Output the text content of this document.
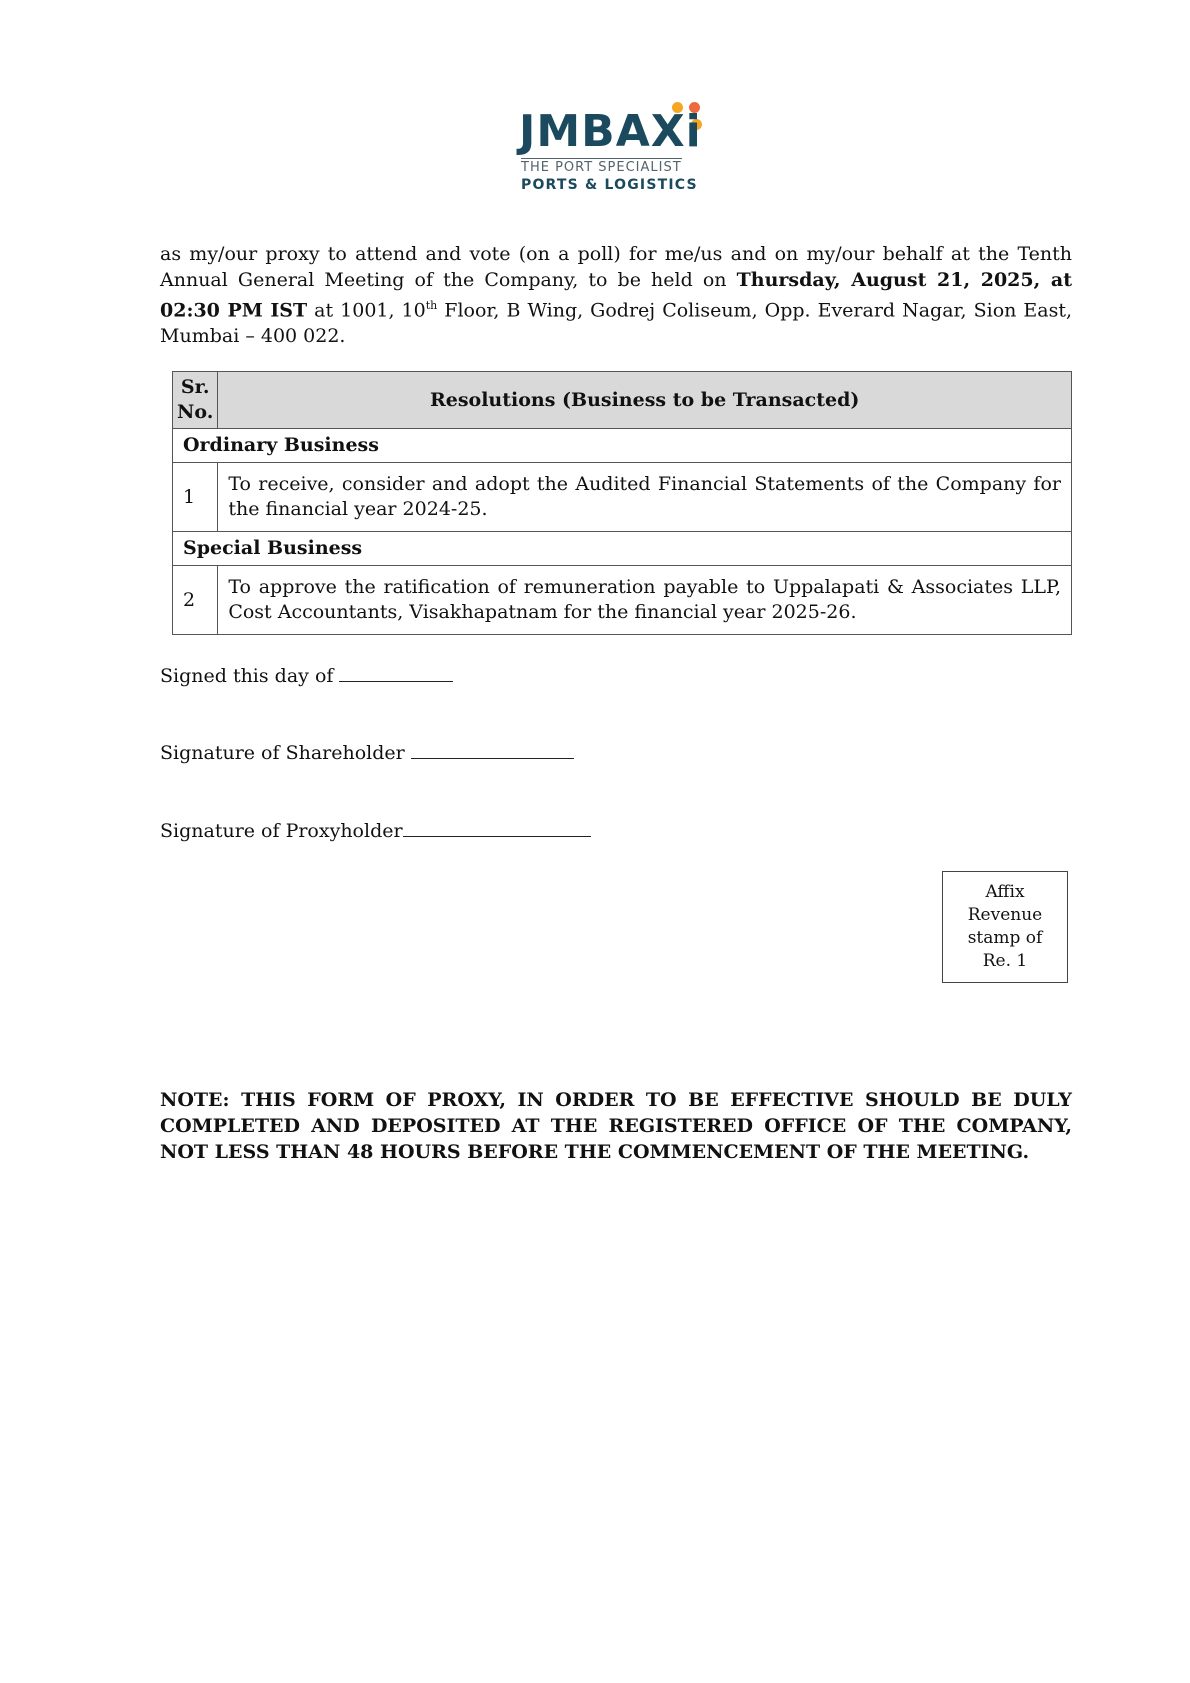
JMBAXi
THE PORT SPECIALIST
PORTS & LOGISTICS

as my/our proxy to attend and vote (on a poll) for me/us and on my/our behalf at the Tenth Annual General Meeting of the Company, to be held on Thursday, August 21, 2025, at 02:30 PM IST at 1001, 10th Floor, B Wing, Godrej Coliseum, Opp. Everard Nagar, Sion East, Mumbai – 400 022.

Sr. No.	Resolutions (Business to be Transacted)
Ordinary Business	
1	To receive, consider and adopt the Audited Financial Statements of the Company for the financial year 2024-25.
Special Business	
2	To approve the ratification of remuneration payable to Uppalapati & Associates LLP, Cost Accountants, Visakhapatnam for the financial year 2025-26.
Signed this day of
Signature of Shareholder
Signature of Proxyholder
Affix
Revenue
stamp of
Re. 1

NOTE: THIS FORM OF PROXY, IN ORDER TO BE EFFECTIVE SHOULD BE DULY COMPLETED AND DEPOSITED AT THE REGISTERED OFFICE OF THE COMPANY, NOT LESS THAN 48 HOURS BEFORE THE COMMENCEMENT OF THE MEETING.
